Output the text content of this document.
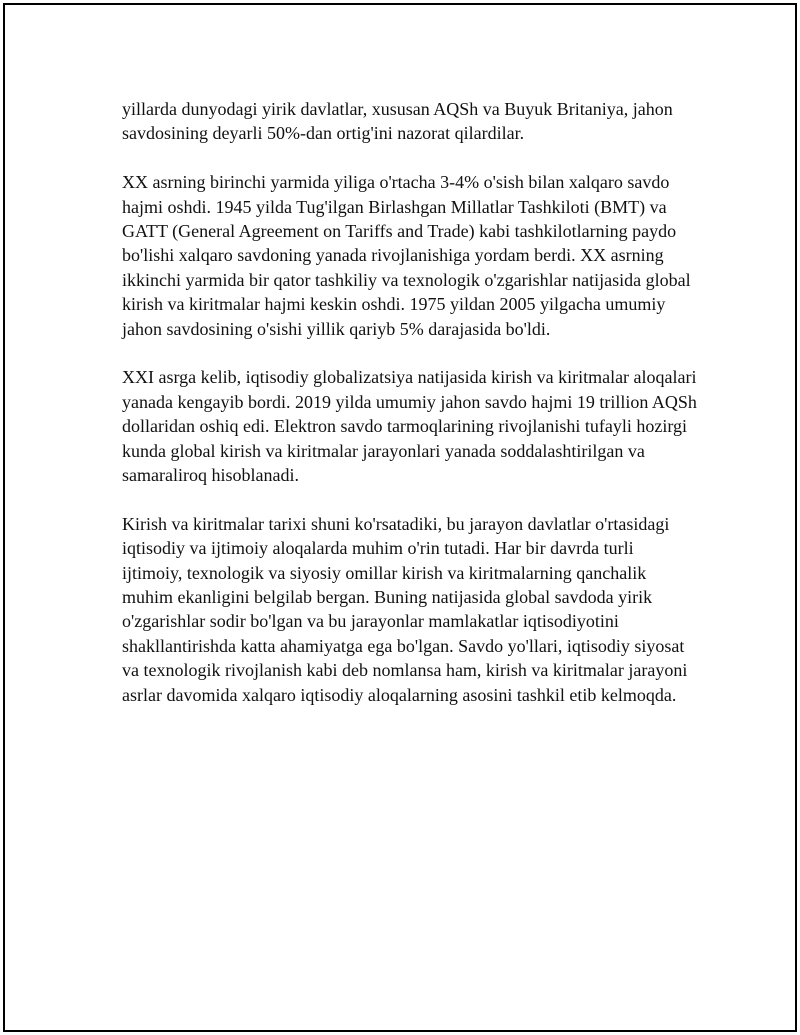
yillarda dunyodagi yirik davlatlar, xususan AQSh va Buyuk Britaniya, jahon savdosining deyarli 50%-dan ortig'ini nazorat qilardilar.

XX asrning birinchi yarmida yiliga o'rtacha 3-4% o'sish bilan xalqaro savdo hajmi oshdi. 1945 yilda Tug'ilgan Birlashgan Millatlar Tashkiloti (BMT) va GATT (General Agreement on Tariffs and Trade) kabi tashkilotlarning paydo bo'lishi xalqaro savdoning yanada rivojlanishiga yordam berdi. XX asrning ikkinchi yarmida bir qator tashkiliy va texnologik o'zgarishlar natijasida global kirish va kiritmalar hajmi keskin oshdi. 1975 yildan 2005 yilgacha umumiy jahon savdosining o'sishi yillik qariyb 5% darajasida bo'ldi.

XXI asrga kelib, iqtisodiy globalizatsiya natijasida kirish va kiritmalar aloqalari yanada kengayib bordi. 2019 yilda umumiy jahon savdo hajmi 19 trillion AQSh dollaridan oshiq edi. Elektron savdo tarmoqlarining rivojlanishi tufayli hozirgi kunda global kirish va kiritmalar jarayonlari yanada soddalashtirilgan va samaraliroq hisoblanadi.

Kirish va kiritmalar tarixi shuni ko'rsatadiki, bu jarayon davlatlar o'rtasidagi iqtisodiy va ijtimoiy aloqalarda muhim o'rin tutadi. Har bir davrda turli ijtimoiy, texnologik va siyosiy omillar kirish va kiritmalarning qanchalik muhim ekanligini belgilab bergan. Buning natijasida global savdoda yirik o'zgarishlar sodir bo'lgan va bu jarayonlar mamlakatlar iqtisodiyotini shakllantirishda katta ahamiyatga ega bo'lgan. Savdo yo'llari, iqtisodiy siyosat va texnologik rivojlanish kabi deb nomlansa ham, kirish va kiritmalar jarayoni asrlar davomida xalqaro iqtisodiy aloqalarning asosini tashkil etib kelmoqda.
